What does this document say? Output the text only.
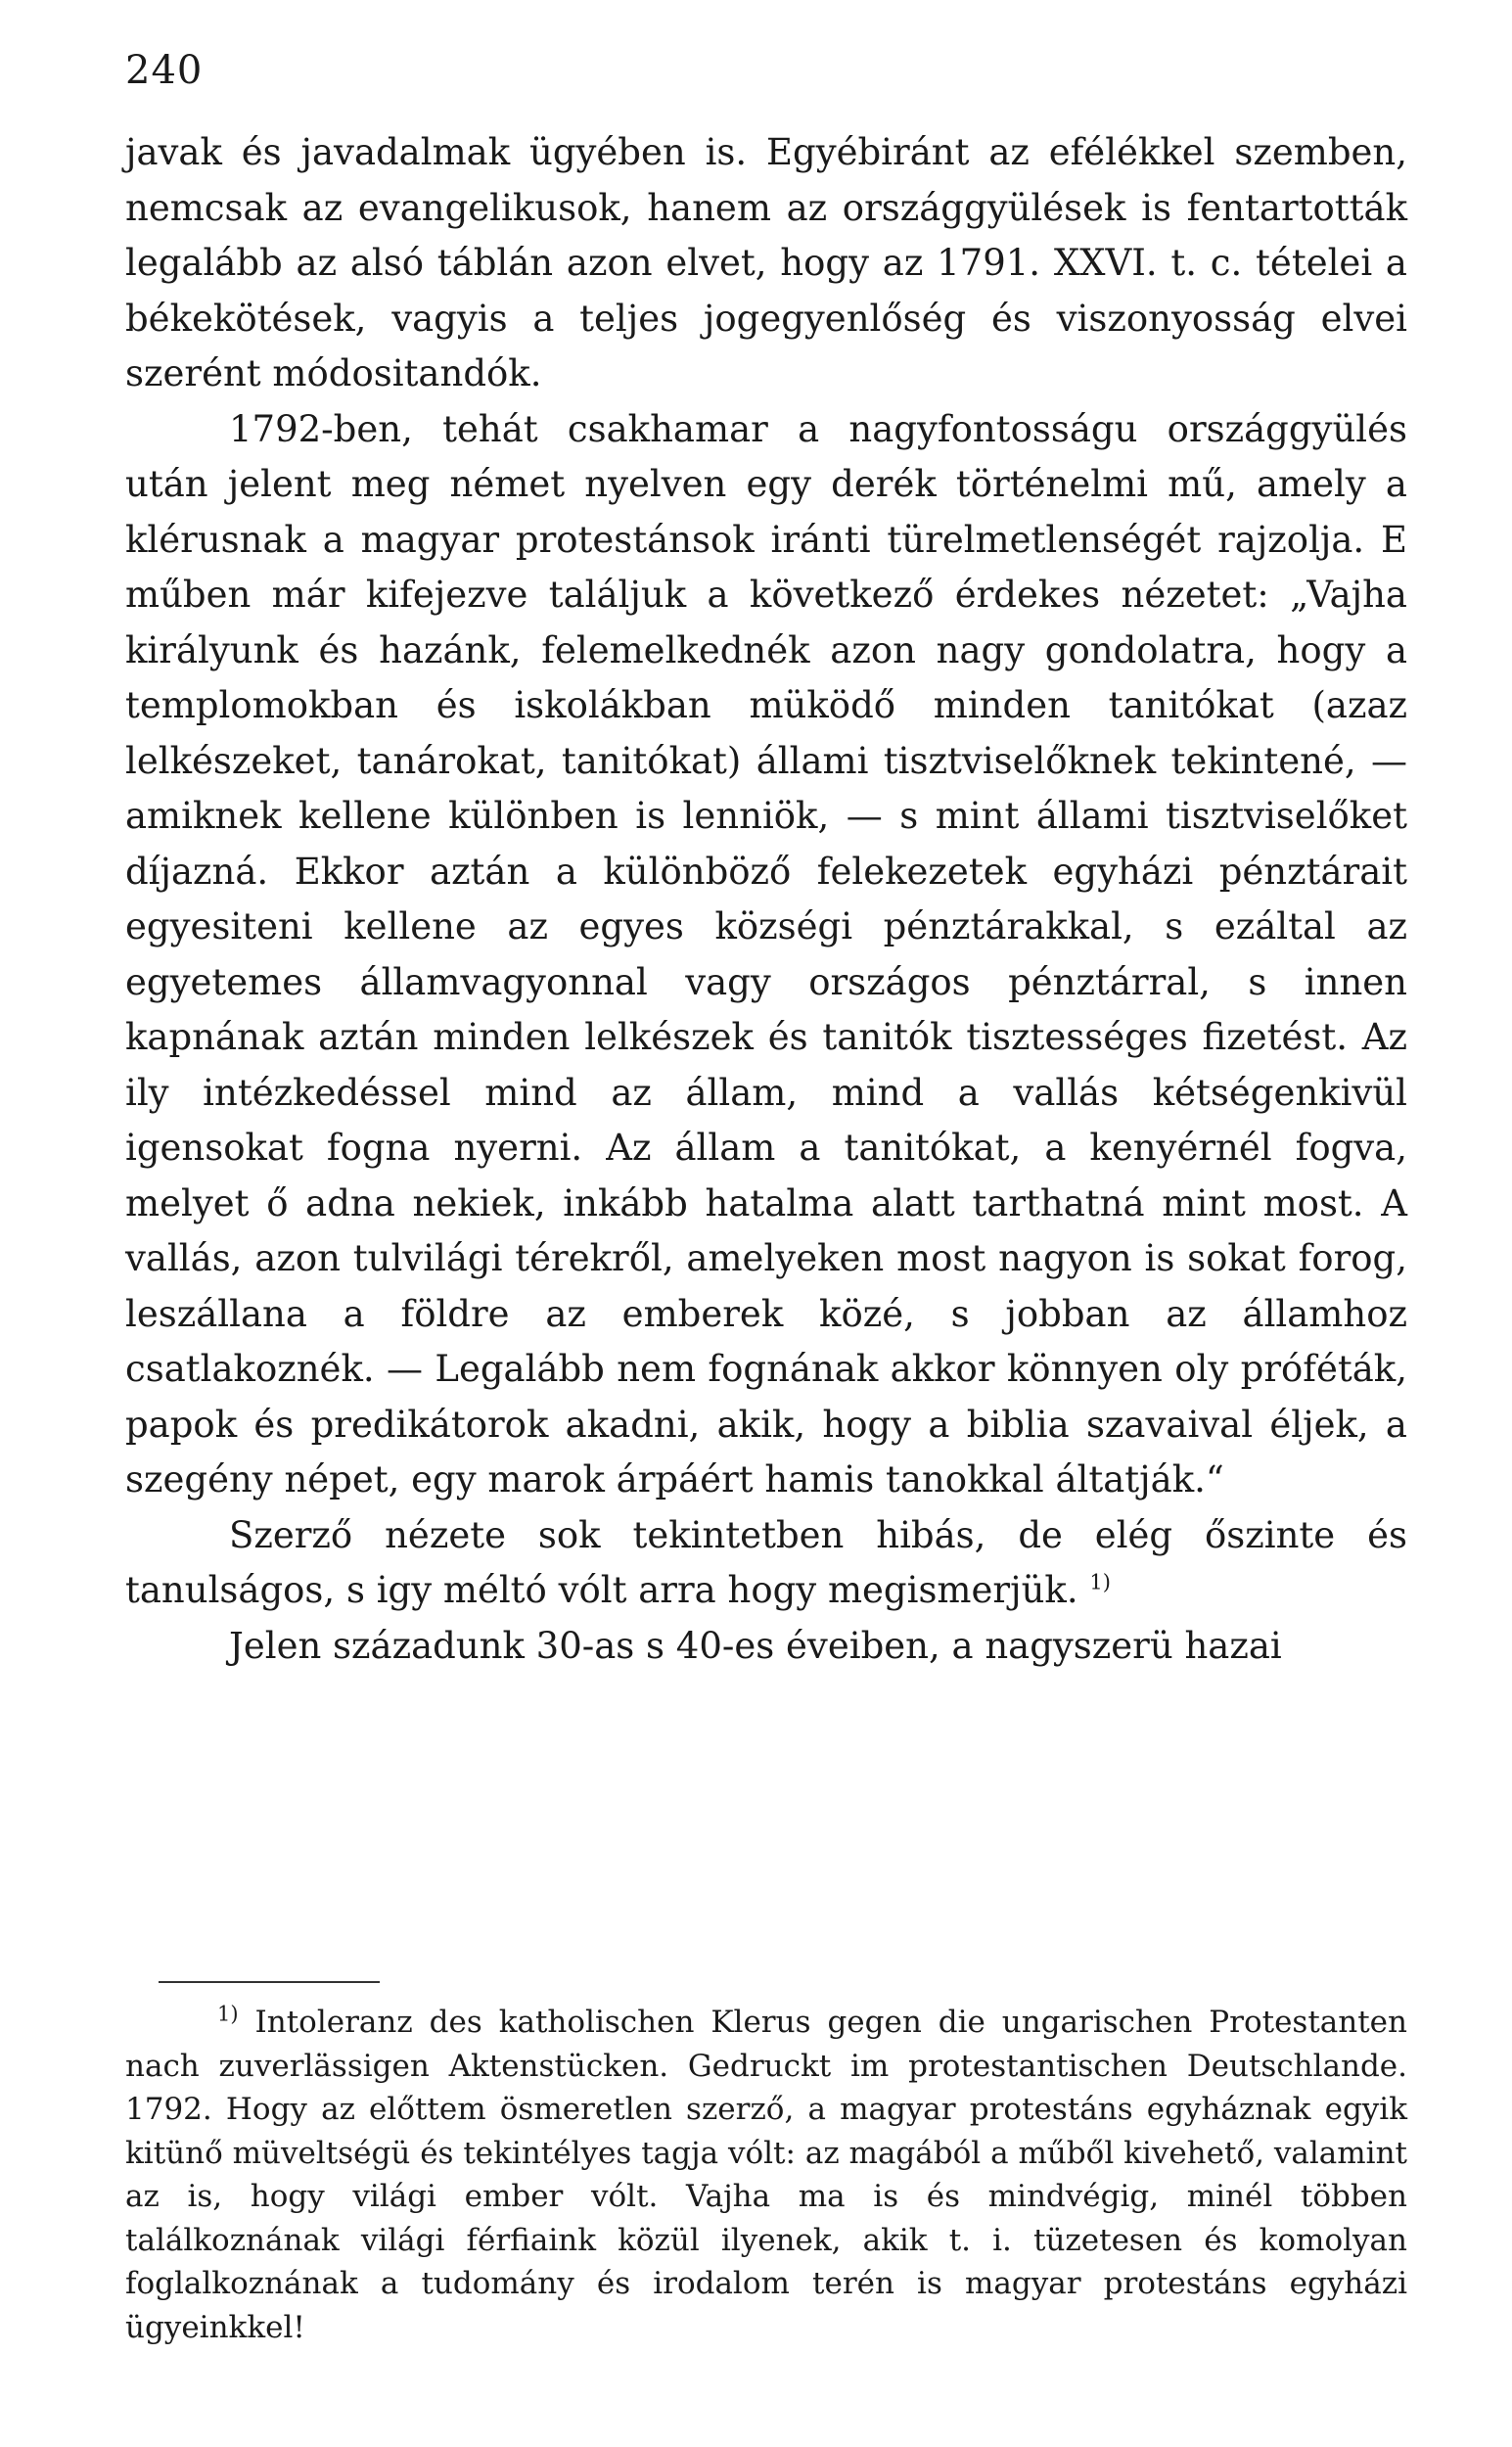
240

javak és javadalmak ügyében is. Egyébiránt az efélékkel szemben, nemcsak az evangelikusok, hanem az országgyülések is fentartották legalább az alsó táblán azon elvet, hogy az 1791. XXVI. t. c. tételei a békekötések, vagyis a teljes jogegyenlőség és viszonyosság elvei szerént módositandók.

1792-ben, tehát csakhamar a nagyfontosságu országgyülés után jelent meg német nyelven egy derék történelmi mű, amely a klérusnak a magyar protestánsok iránti türelmetlenségét rajzolja. E műben már kifejezve találjuk a következő érdekes nézetet: „Vajha királyunk és hazánk, felemelkednék azon nagy gondolatra, hogy a templomokban és iskolákban müködő minden tanitókat (azaz lelkészeket, tanárokat, tanitókat) állami tisztviselőknek tekintené, — amiknek kellene különben is lenniök, — s mint állami tisztviselőket díjazná. Ekkor aztán a különböző felekezetek egyházi pénztárait egyesiteni kellene az egyes községi pénztárakkal, s ezáltal az egyetemes államvagyonnal vagy országos pénztárral, s innen kapnának aztán minden lelkészek és tanitók tisztességes fizetést. Az ily intézkedéssel mind az állam, mind a vallás kétségenkivül igensokat fogna nyerni. Az állam a tanitókat, a kenyérnél fogva, melyet ő adna nekiek, inkább hatalma alatt tarthatná mint most. A vallás, azon tulvilági térekről, amelyeken most nagyon is sokat forog, leszállana a földre az emberek közé, s jobban az államhoz csatlakoznék. — Legalább nem fognának akkor könnyen oly próféták, papok és predikátorok akadni, akik, hogy a biblia szavaival éljek, a szegény népet, egy marok árpáért hamis tanokkal áltatják.“

Szerző nézete sok tekintetben hibás, de elég őszinte és tanulságos, s igy méltó vólt arra hogy megismerjük. $^{1)}$

Jelen századunk 30-as s 40-es éveiben, a nagyszerü hazai

$^{1)}$ Intoleranz des katholischen Klerus gegen die ungarischen Protestanten nach zuverlässigen Aktenstücken. Gedruckt im protestantischen Deutschlande. 1792. Hogy az előttem ösmeretlen szerző, a magyar protestáns egyháznak egyik kitünő müveltségü és tekintélyes tagja vólt: az magából a műből kivehető, valamint az is, hogy világi ember vólt. Vajha ma is és mindvégig, minél többen találkoznának világi férfiaink közül ilyenek, akik t. i. tüzetesen és komolyan foglalkoznának a tudomány és irodalom terén is magyar protestáns egyházi ügyeinkkel!
